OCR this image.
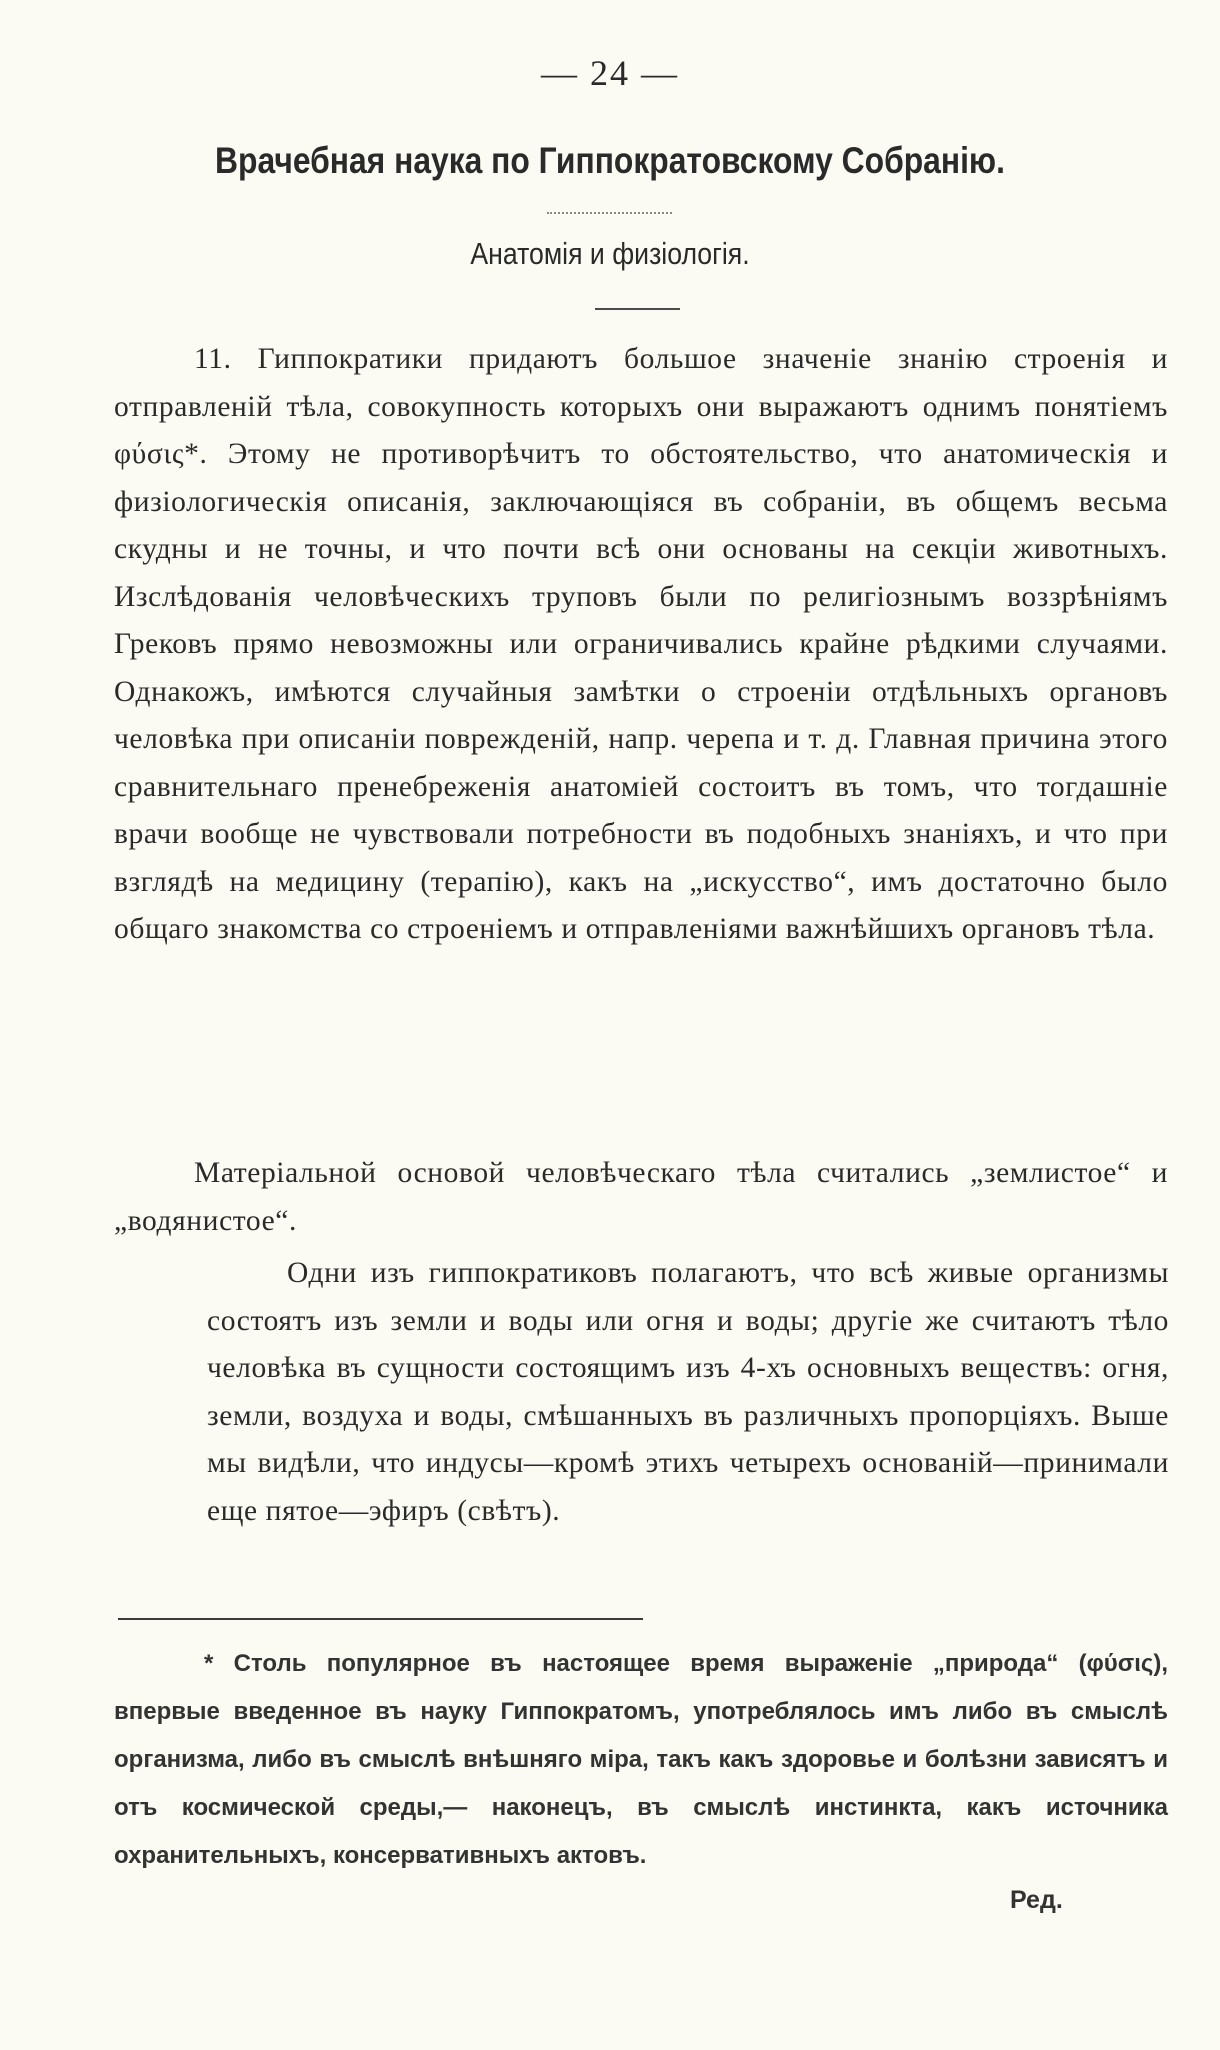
— 24 —
Врачебная наука по Гиппократовскому Собранію.
Анатомія и физіологія.

11. Гиппократики придаютъ большое значеніе знанію строенія и отправленій тѣла, совокупность которыхъ они выражаютъ однимъ понятіемъ φύσις*. Этому не противорѣчитъ то обстоятельство, что анатомическія и физіологическія описанія, заключающіяся въ собраніи, въ общемъ весьма скудны и не точны, и что почти всѣ они основаны на секціи животныхъ. Изслѣдованія человѣческихъ труповъ были по религіознымъ воззрѣніямъ Грековъ прямо невозможны или ограничивались крайне рѣдкими случаями. Однакожъ, имѣются случайныя замѣтки о строеніи отдѣльныхъ органовъ человѣка при описаніи поврежденій, напр. черепа и т. д. Главная причина этого сравнительнаго пренебреженія анатоміей состоитъ въ томъ, что тогдашніе врачи вообще не чувствовали потребности въ подобныхъ знаніяхъ, и что при взглядѣ на медицину (терапію), какъ на „искусство“, имъ достаточно было общаго знакомства со строеніемъ и отправленіями важнѣйшихъ органовъ тѣла.

Матеріальной основой человѣческаго тѣла считались „землистое“ и „водянистое“.

Одни изъ гиппократиковъ полагаютъ, что всѣ живые организмы состоятъ изъ земли и воды или огня и воды; другіе же считаютъ тѣло человѣка въ сущности состоящимъ изъ 4-хъ основныхъ веществъ: огня, земли, воздуха и воды, смѣшанныхъ въ различныхъ пропорціяхъ. Выше мы видѣли, что индусы—кромѣ этихъ четырехъ основаній—принимали еще пятое—эфиръ (свѣтъ).

* Столь популярное въ настоящее время выраженіе „природа“ (φύσις), впервые введенное въ науку Гиппократомъ, употреблялось имъ либо въ смыслѣ организма, либо въ смыслѣ внѣшняго міра, такъ какъ здоровье и болѣзни зависятъ и отъ космической среды,— наконецъ, въ смыслѣ инстинкта, какъ источника охранительныхъ, консервативныхъ актовъ.

Ред.
